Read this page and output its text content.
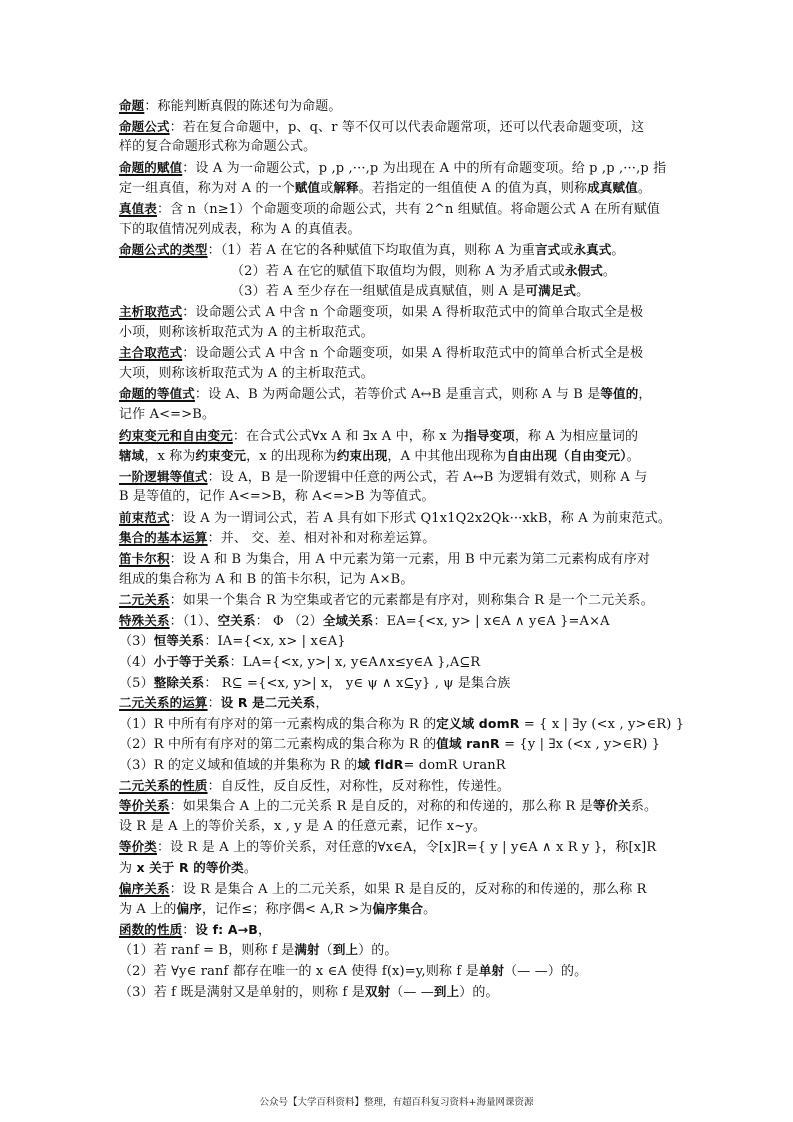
命题：称能判断真假的陈述句为命题。
命题公式：若在复合命题中，p、q、r 等不仅可以代表命题常项，还可以代表命题变项，这
样的复合命题形式称为命题公式。
命题的赋值：设 A 为一命题公式，p ,p ,···,p 为出现在 A 中的所有命题变项。给 p ,p ,···,p 指
定一组真值，称为对 A 的一个赋值或解释。若指定的一组值使 A 的值为真，则称成真赋值。
真值表：含 n（n≥1）个命题变项的命题公式，共有 2^n 组赋值。将命题公式 A 在所有赋值
下的取值情况列成表，称为 A 的真值表。
命题公式的类型：（1）若 A 在它的各种赋值下均取值为真，则称 A 为重言式或永真式。
（2）若 A 在它的赋值下取值均为假，则称 A 为矛盾式或永假式。
（3）若 A 至少存在一组赋值是成真赋值，则 A 是可满足式。
主析取范式：设命题公式 A 中含 n 个命题变项，如果 A 得析取范式中的简单合取式全是极
小项，则称该析取范式为 A 的主析取范式。
主合取范式：设命题公式 A 中含 n 个命题变项，如果 A 得析取范式中的简单合析式全是极
大项，则称该析取范式为 A 的主析取范式。
命题的等值式：设 A、B 为两命题公式，若等价式 A↔B 是重言式，则称 A 与 B 是等值的，
记作 A<=>B。
约束变元和自由变元：在合式公式∀x A 和 ∃x A 中，称 x 为指导变项，称 A 为相应量词的
辖域，x 称为约束变元，x 的出现称为约束出现，A 中其他出现称为自由出现（自由变元）。
一阶逻辑等值式：设 A，B 是一阶逻辑中任意的两公式，若 A↔B 为逻辑有效式，则称 A 与
B 是等值的，记作 A<=>B，称 A<=>B 为等值式。
前束范式：设 A 为一谓词公式，若 A 具有如下形式 Q1x1Q2x2Qk···xkB，称 A 为前束范式。
集合的基本运算：并、 交、差、相对补和对称差运算。
笛卡尔积：设 A 和 B 为集合，用 A 中元素为第一元素，用 B 中元素为第二元素构成有序对
组成的集合称为 A 和 B 的笛卡尔积，记为 A×B。
二元关系：如果一个集合 R 为空集或者它的元素都是有序对，则称集合 R 是一个二元关系。
特殊关系：（1）、空关系： Φ （2）全域关系：EA={<x, y> | x∈A ∧ y∈A }=A×A
（3）恒等关系：IA={<x, x> | x∈A}
（4）小于等于关系：LA={<x, y>| x, y∈A∧x≤y∈A },A⊆R
（5）整除关系： R⊆ ={<x, y>| x， y∈ ψ ∧ x⊆y} , ψ 是集合族
二元关系的运算：设 R 是二元关系，
（1）R 中所有有序对的第一元素构成的集合称为 R 的定义域 domR = { x | ∃y (<x , y>∈R) }
（2）R 中所有有序对的第二元素构成的集合称为 R 的值域 ranR = {y | ∃x (<x , y>∈R) }
（3）R 的定义域和值域的并集称为 R 的域 fldR= domR ∪ranR
二元关系的性质：自反性，反自反性，对称性，反对称性，传递性。
等价关系：如果集合 A 上的二元关系 R 是自反的，对称的和传递的，那么称 R 是等价关系。
设 R 是 A 上的等价关系，x , y 是 A 的任意元素，记作 x~y。
等价类：设 R 是 A 上的等价关系，对任意的∀x∈A，令[x]R={ y | y∈A ∧ x R y }，称[x]R
为 x 关于 R 的等价类。
偏序关系：设 R 是集合 A 上的二元关系，如果 R 是自反的，反对称的和传递的，那么称 R
为 A 上的偏序，记作≤；称序偶< A,R >为偏序集合。
函数的性质：设 f: A→B，
（1）若 ranf = B，则称 f 是满射（到上）的。
（2）若 ∀y∈ ranf 都存在唯一的 x ∈A 使得 f(x)=y,则称 f 是单射（— —）的。
（3）若 f 既是满射又是单射的，则称 f 是双射（— —到上）的。
公众号【大学百科资料】整理，有超百科复习资料+海量网课资源
